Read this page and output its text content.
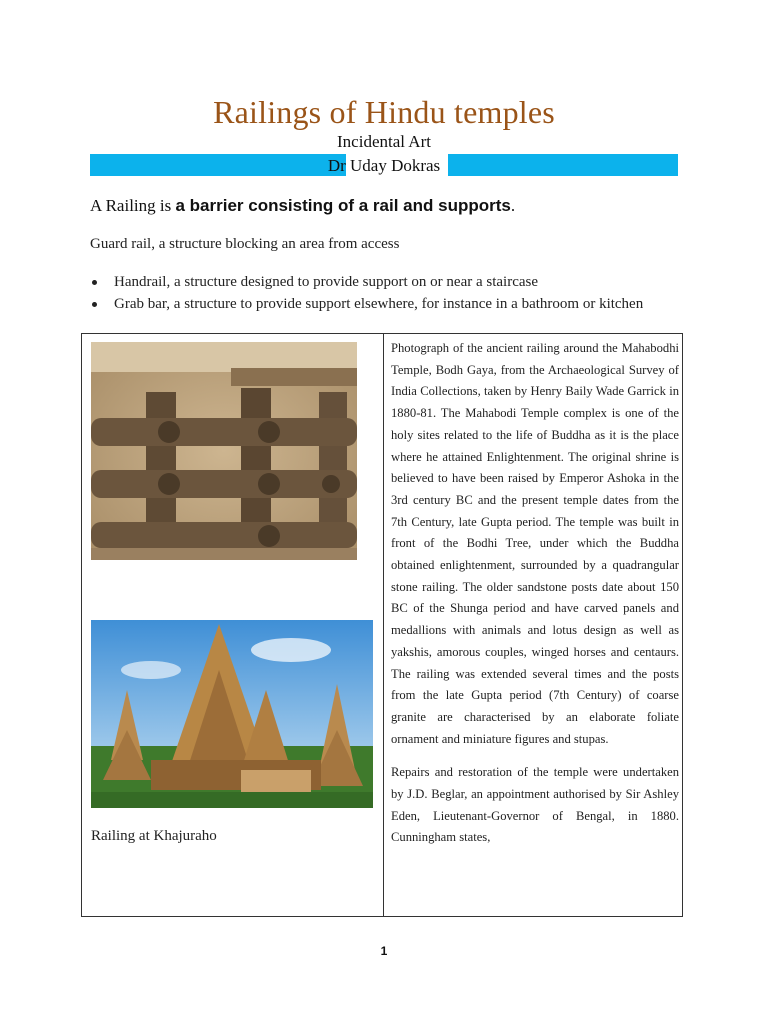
Railings of Hindu temples
Incidental Art
Dr Uday Dokras
A Railing is a barrier consisting of a rail and supports.
Guard rail, a structure blocking an area from access
Handrail, a structure designed to provide support on or near a staircase
Grab bar, a structure to provide support elsewhere, for instance in a bathroom or kitchen
Railing at Khajuraho

Photograph of the ancient railing around the Mahabodhi Temple, Bodh Gaya, from the Archaeological Survey of India Collections, taken by Henry Baily Wade Garrick in 1880-81. The Mahabodi Temple complex is one of the holy sites related to the life of Buddha as it is the place where he attained Enlightenment. The original shrine is believed to have been raised by Emperor Ashoka in the 3rd century BC and the present temple dates from the 7th Century, late Gupta period. The temple was built in front of the Bodhi Tree, under which the Buddha obtained enlightenment, surrounded by a quadrangular stone railing. The older sandstone posts date about 150 BC of the Shunga period and have carved panels and medallions with animals and lotus design as well as yakshis, amorous couples, winged horses and centaurs. The railing was extended several times and the posts from the late Gupta period (7th Century) of coarse granite are characterised by an elaborate foliate ornament and miniature figures and stupas.

Repairs and restoration of the temple were undertaken by J.D. Beglar, an appointment authorised by Sir Ashley Eden, Lieutenant-Governor of Bengal, in 1880. Cunningham states,

1
